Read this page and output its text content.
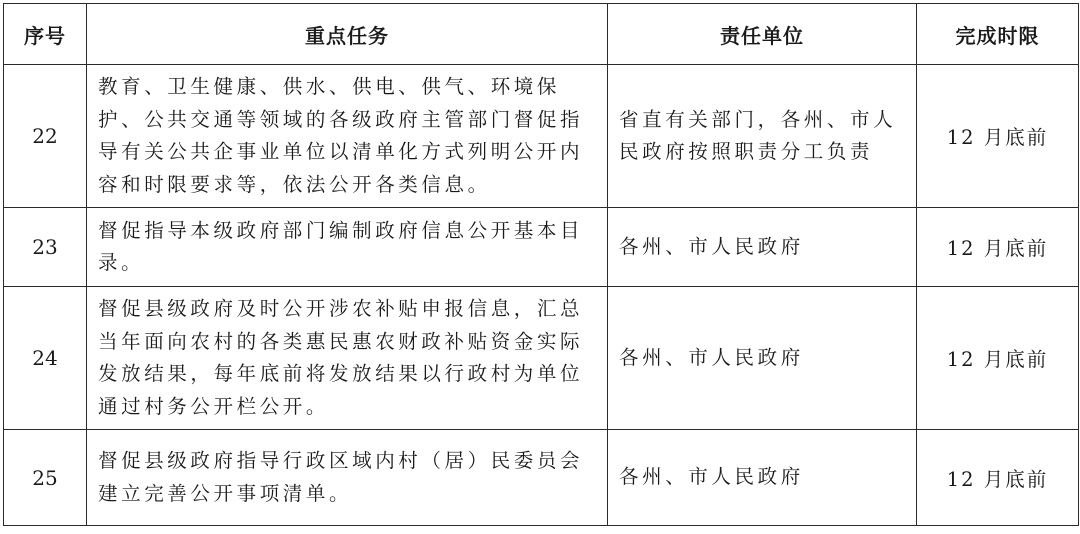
序号	重点任务	责任单位	完成时限
22	教育、卫生健康、供水、供电、供气、环境保护、公共交通等领域的各级政府主管部门督促指导有关公共企事业单位以清单化方式列明公开内容和时限要求等，依法公开各类信息。	省直有关部门，各州、市人民政府按照职责分工负责	12 月底前
23	督促指导本级政府部门编制政府信息公开基本目录。	各州、市人民政府	12 月底前
24	督促县级政府及时公开涉农补贴申报信息，汇总当年面向农村的各类惠民惠农财政补贴资金实际发放结果，每年底前将发放结果以行政村为单位通过村务公开栏公开。	各州、市人民政府	12 月底前
25	督促县级政府指导行政区域内村（居）民委员会建立完善公开事项清单。	各州、市人民政府	12 月底前
